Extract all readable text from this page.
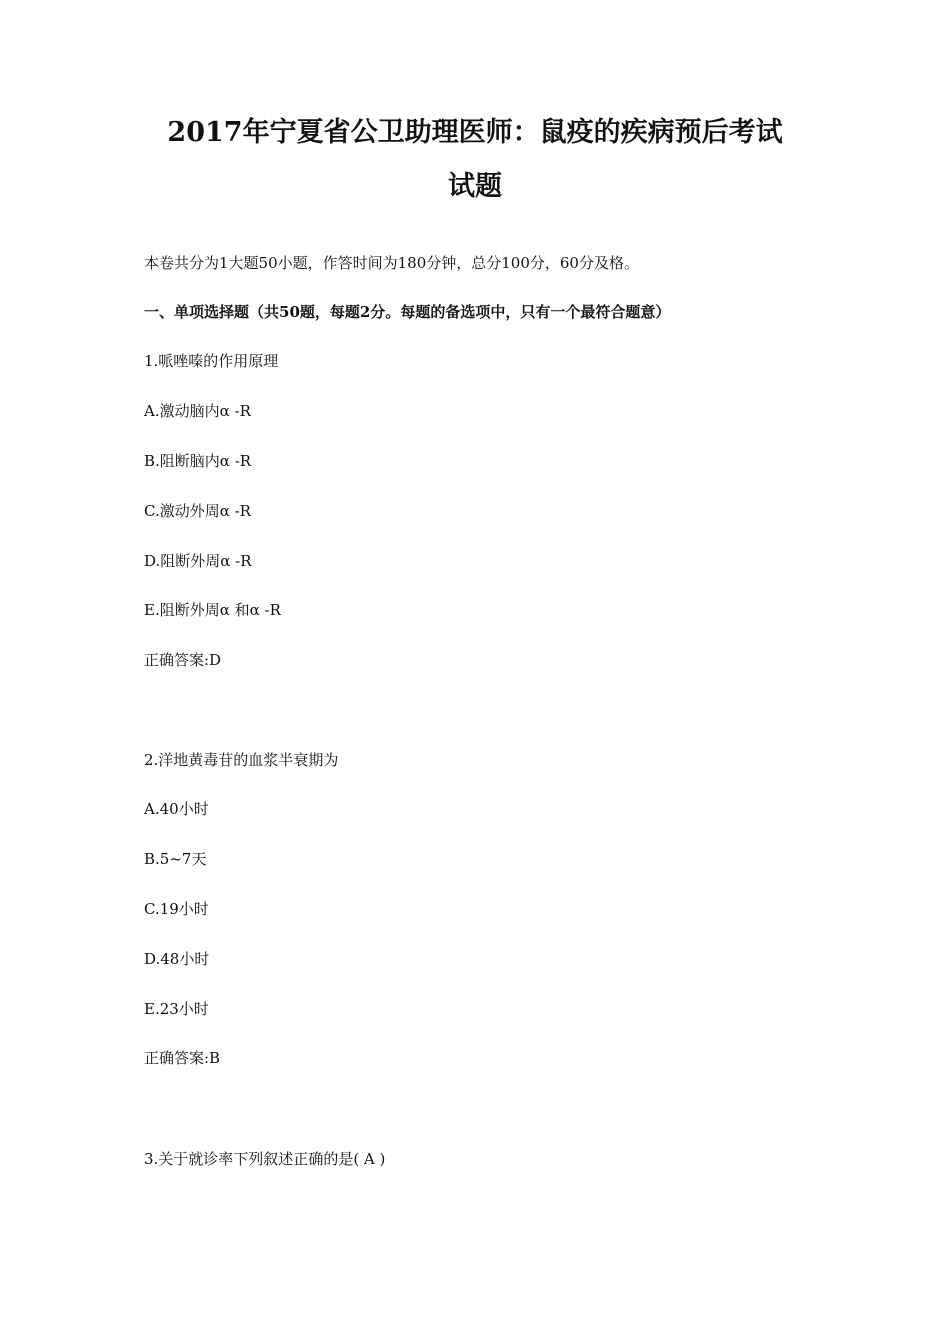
2017年宁夏省公卫助理医师：鼠疫的疾病预后考试
试题

本卷共分为1大题50小题，作答时间为180分钟，总分100分，60分及格。

一、单项选择题（共50题，每题2分。每题的备选项中，只有一个最符合题意）

1.哌唑嗪的作用原理

A.激动脑内α -R

B.阻断脑内α -R

C.激动外周α -R

D.阻断外周α -R

E.阻断外周α 和α -R

正确答案:D

2.洋地黄毒苷的血浆半衰期为

A.40小时

B.5~7天

C.19小时

D.48小时

E.23小时

正确答案:B

3.关于就诊率下列叙述正确的是( A )
